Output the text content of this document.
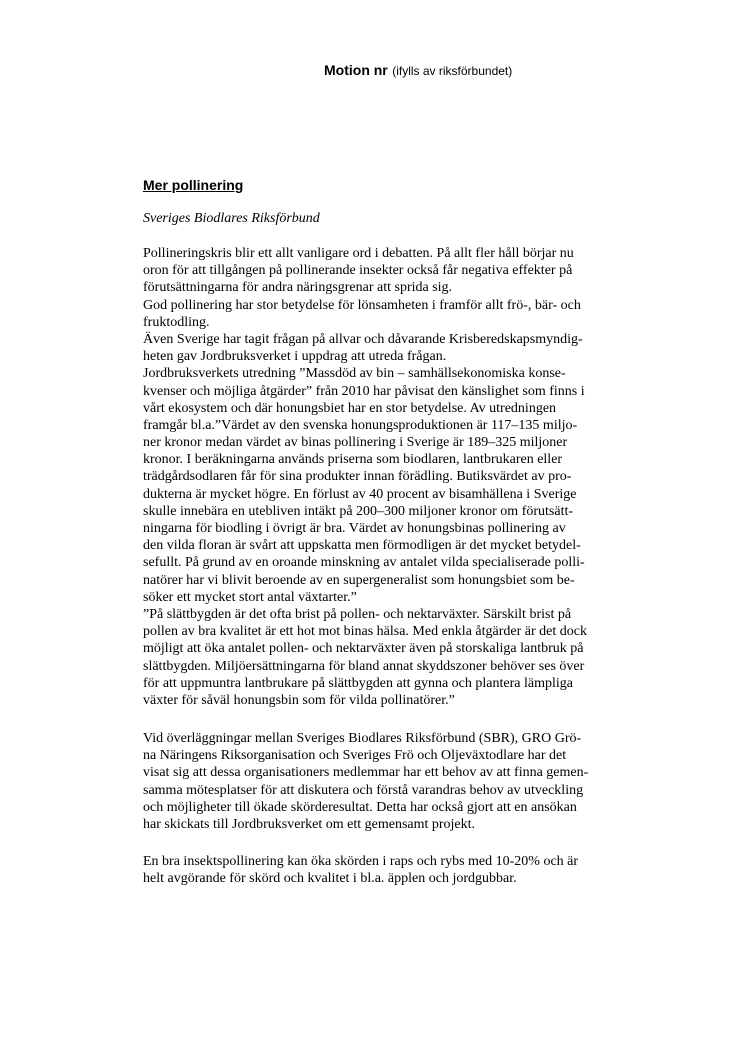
Motion nr (ifylls av riksförbundet)
Mer pollinering
Sveriges Biodlares Riksförbund
Pollineringskris blir ett allt vanligare ord i debatten. På allt fler håll börjar nu
oron för att tillgången på pollinerande insekter också får negativa effekter på
förutsättningarna för andra näringsgrenar att sprida sig.
God pollinering har stor betydelse för lönsamheten i framför allt frö-, bär- och
fruktodling.
Även Sverige har tagit frågan på allvar och dåvarande Krisberedskapsmyndig-
heten gav Jordbruksverket i uppdrag att utreda frågan.
Jordbruksverkets utredning ”Massdöd av bin – samhällsekonomiska konse-
kvenser och möjliga åtgärder” från 2010 har påvisat den känslighet som finns i
vårt ekosystem och där honungsbiet har en stor betydelse. Av utredningen
framgår bl.a.”Värdet av den svenska honungsproduktionen är 117–135 miljo-
ner kronor medan värdet av binas pollinering i Sverige är 189–325 miljoner
kronor. I beräkningarna används priserna som biodlaren, lantbrukaren eller
trädgårdsodlaren får för sina produkter innan förädling. Butiksvärdet av pro-
dukterna är mycket högre. En förlust av 40 procent av bisamhällena i Sverige
skulle innebära en utebliven intäkt på 200–300 miljoner kronor om förutsätt-
ningarna för biodling i övrigt är bra. Värdet av honungsbinas pollinering av
den vilda floran är svårt att uppskatta men förmodligen är det mycket betydel-
sefullt. På grund av en oroande minskning av antalet vilda specialiserade polli-
natörer har vi blivit beroende av en supergeneralist som honungsbiet som be-
söker ett mycket stort antal växtarter.”
”På slättbygden är det ofta brist på pollen- och nektarväxter. Särskilt brist på
pollen av bra kvalitet är ett hot mot binas hälsa. Med enkla åtgärder är det dock
möjligt att öka antalet pollen- och nektarväxter även på storskaliga lantbruk på
slättbygden. Miljöersättningarna för bland annat skyddszoner behöver ses över
för att uppmuntra lantbrukare på slättbygden att gynna och plantera lämpliga
växter för såväl honungsbin som för vilda pollinatörer.”
Vid överläggningar mellan Sveriges Biodlares Riksförbund (SBR), GRO Grö-
na Näringens Riksorganisation och Sveriges Frö och Oljeväxtodlare har det
visat sig att dessa organisationers medlemmar har ett behov av att finna gemen-
samma mötesplatser för att diskutera och förstå varandras behov av utveckling
och möjligheter till ökade skörderesultat. Detta har också gjort att en ansökan
har skickats till Jordbruksverket om ett gemensamt projekt.
En bra insektspollinering kan öka skörden i raps och rybs med 10-20% och är
helt avgörande för skörd och kvalitet i bl.a. äpplen och jordgubbar.
